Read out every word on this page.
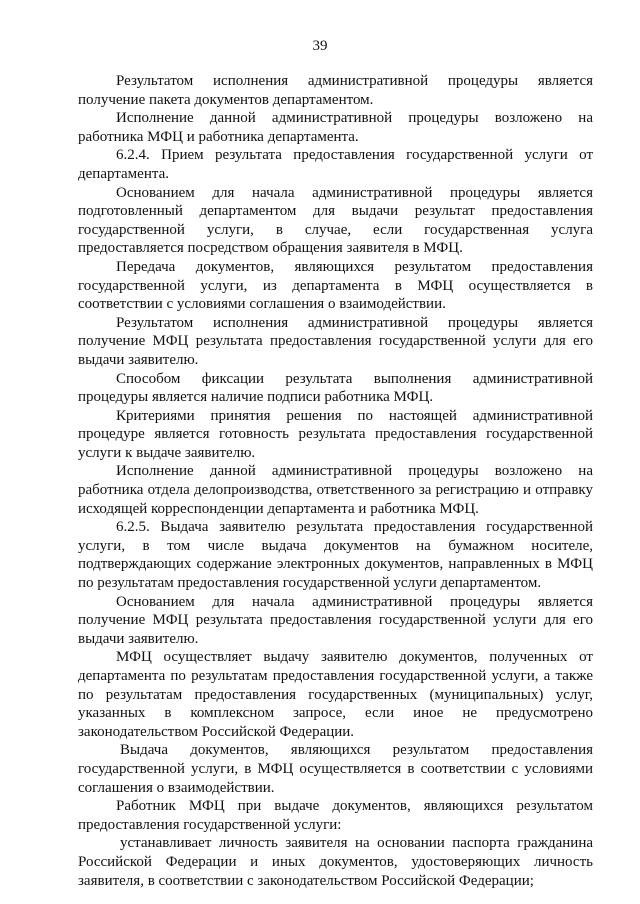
39

Результатом исполнения административной процедуры является получение пакета документов департаментом.

Исполнение данной административной процедуры возложено на работника МФЦ и работника департамента.

6.2.4. Прием результата предоставления государственной услуги от департамента.

Основанием для начала административной процедуры является подготовленный департаментом для выдачи результат предоставления государственной услуги, в случае, если государственная услуга предоставляется посредством обращения заявителя в МФЦ.

Передача документов, являющихся результатом предоставления государственной услуги, из департамента в МФЦ осуществляется в соответствии с условиями соглашения о взаимодействии.

Результатом исполнения административной процедуры является получение МФЦ результата предоставления государственной услуги для его выдачи заявителю.

Способом фиксации результата выполнения административной процедуры является наличие подписи работника МФЦ.

Критериями принятия решения по настоящей административной процедуре является готовность результата предоставления государственной услуги к выдаче заявителю.

Исполнение данной административной процедуры возложено на работника отдела делопроизводства, ответственного за регистрацию и отправку исходящей корреспонденции департамента и работника МФЦ.

6.2.5. Выдача заявителю результата предоставления государственной услуги, в том числе выдача документов на бумажном носителе, подтверждающих содержание электронных документов, направленных в МФЦ по результатам предоставления государственной услуги департаментом.

Основанием для начала административной процедуры является получение МФЦ результата предоставления государственной услуги для его выдачи заявителю.

МФЦ осуществляет выдачу заявителю документов, полученных от департамента по результатам предоставления государственной услуги, а также по результатам предоставления государственных (муниципальных) услуг, указанных в комплексном запросе, если иное не предусмотрено законодательством Российской Федерации.

Выдача документов, являющихся результатом предоставления государственной услуги, в МФЦ осуществляется в соответствии с условиями соглашения о взаимодействии.

Работник МФЦ при выдаче документов, являющихся результатом предоставления государственной услуги:

устанавливает личность заявителя на основании паспорта гражданина Российской Федерации и иных документов, удостоверяющих личность заявителя, в соответствии с законодательством Российской Федерации;
